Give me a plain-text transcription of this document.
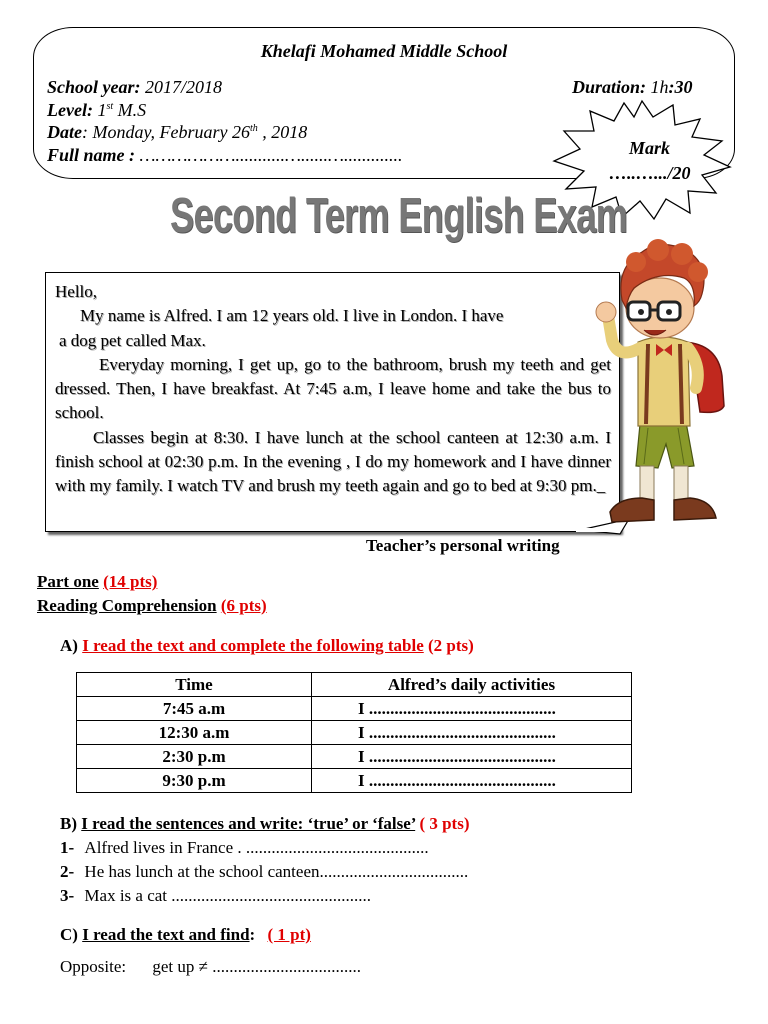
Khelafi Mohamed Middle School
School year: 2017/2018	Duration: 1h:30
Level: 1st M.S
Date: Monday, February 26th , 2018
Full name : ………………...........…......….............	Mark
…..….../20
Second Term English Exam

Hello,

My name is Alfred. I am 12 years old. I live in London. I have

a dog pet called Max.

Everyday morning, I get up, go to the bathroom, brush my teeth and get dressed. Then, I have breakfast. At 7:45 a.m, I leave home and take the bus to school.

Classes begin at 8:30. I have lunch at the school canteen at 12:30 a.m. I finish school at 02:30 p.m. In the evening , I do my homework and I have dinner with my family. I watch TV and brush my teeth again and go to bed at 9:30 pm._

Teacher’s personal writing
Part one (14 pts)
Reading Comprehension (6 pts)
A) I read the text and complete the following table (2 pts)
Time	Alfred’s daily activities
7:45 a.m	I ............................................
12:30 a.m	I ............................................
2:30 p.m	I ............................................
9:30 p.m	I ............................................
B) I read the sentences and write: ‘true’ or ‘false’ ( 3 pts)
1- Alfred lives in France . ...........................................
2- He has lunch at the school canteen...................................
3- Max is a cat ...............................................
C) I read the text and find: ( 1 pt)
Opposite: get up ≠ ...................................
